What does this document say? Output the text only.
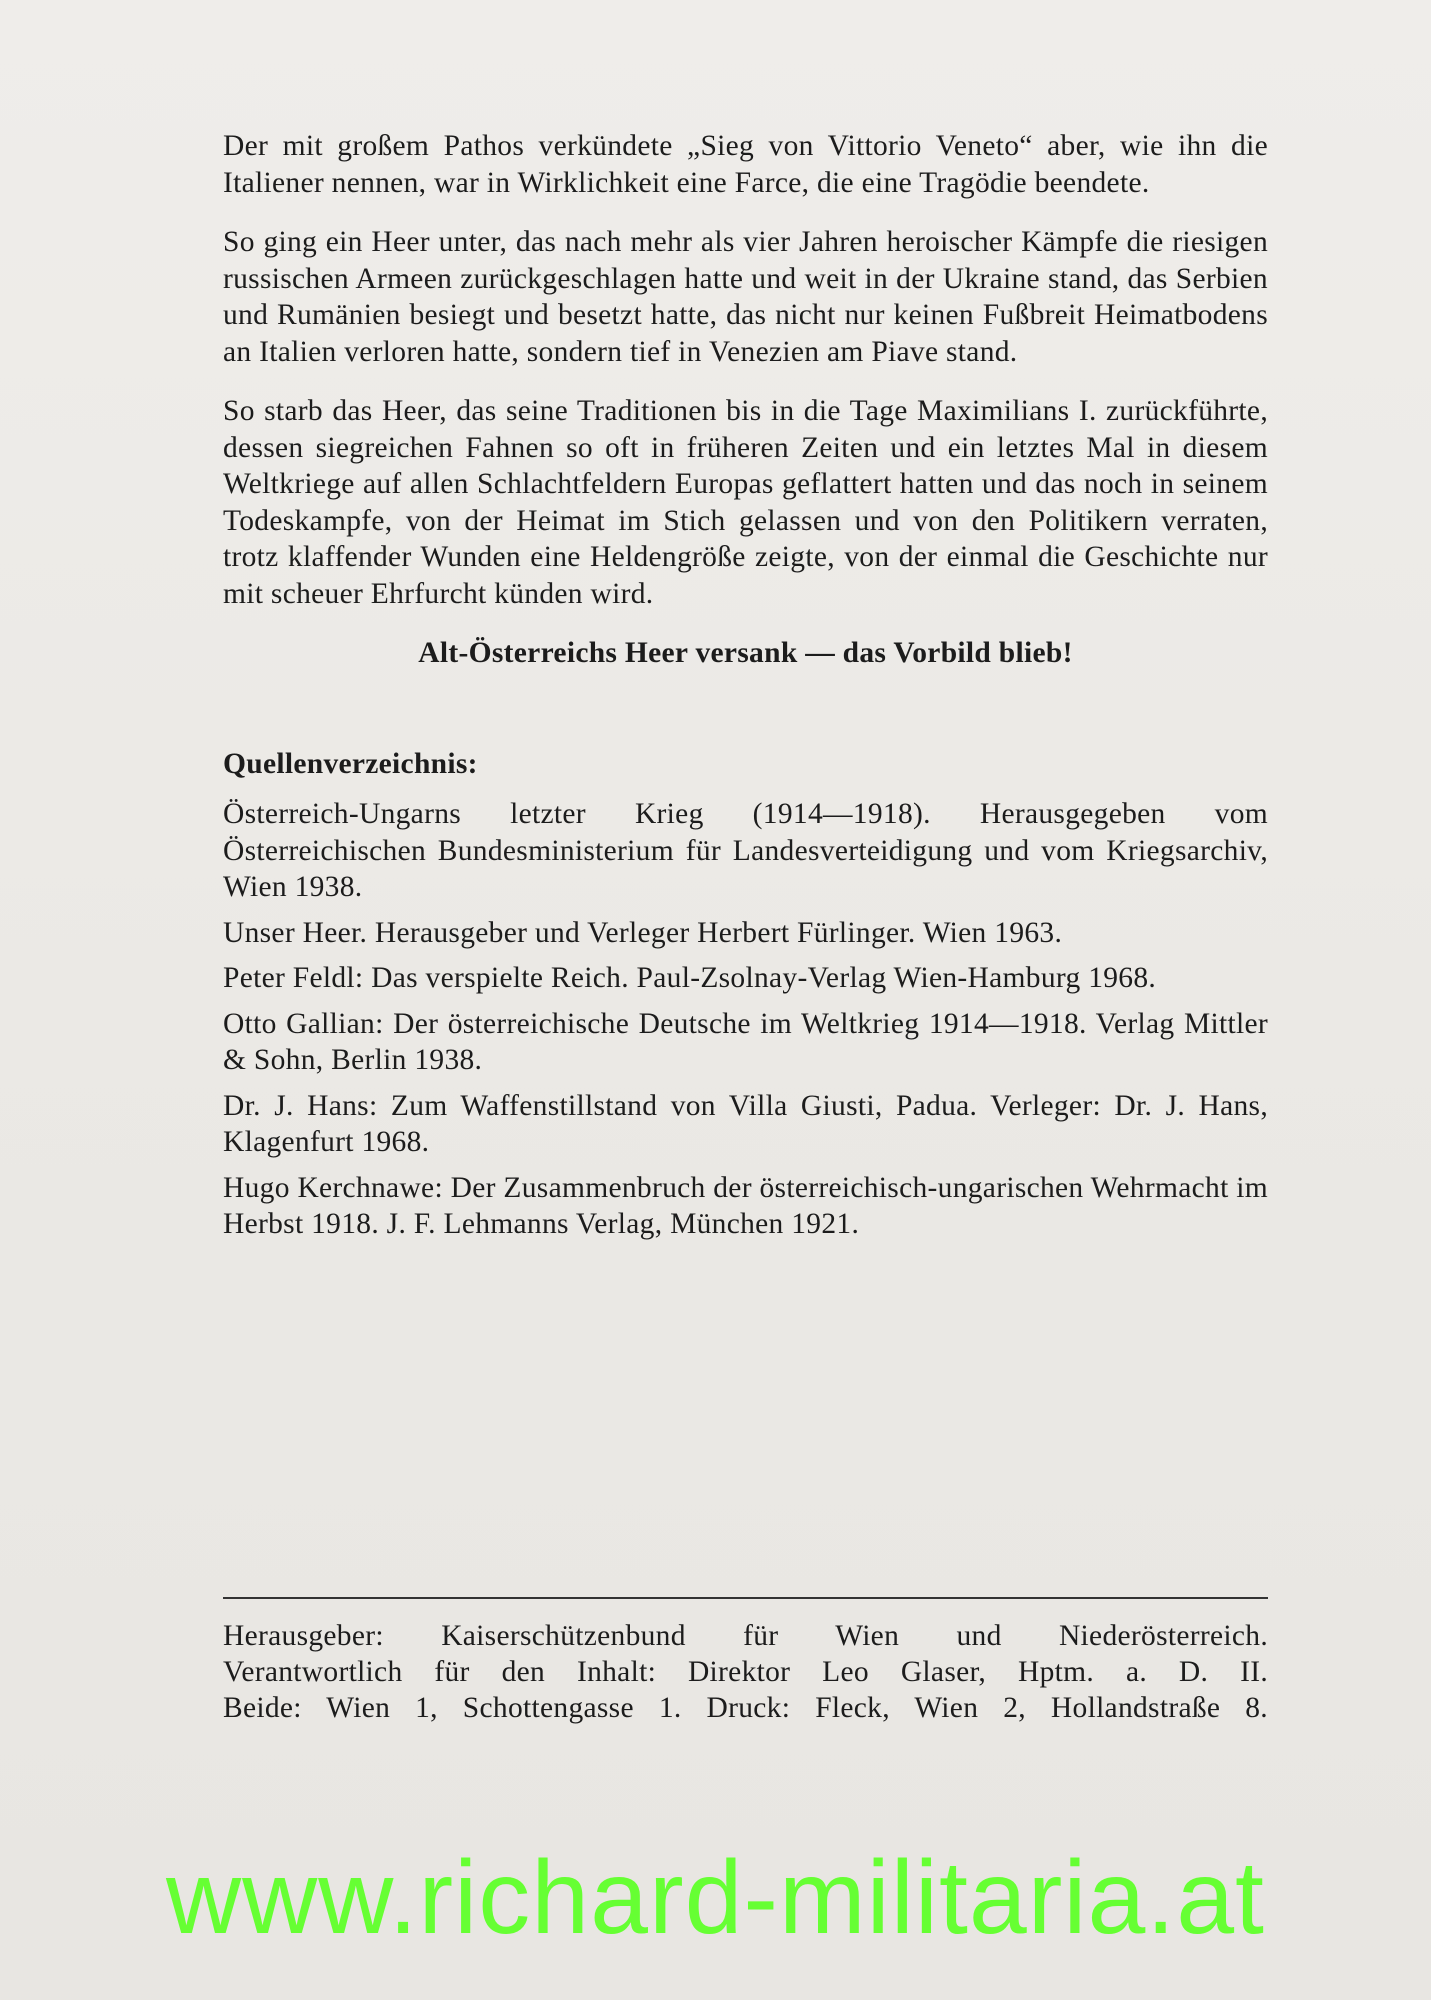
Der mit großem Pathos verkündete „Sieg von Vittorio Veneto“ aber, wie ihn die Italiener nennen, war in Wirklichkeit eine Farce, die eine Tragödie beendete.

So ging ein Heer unter, das nach mehr als vier Jahren heroischer Kämpfe die riesigen russischen Armeen zurückgeschlagen hatte und weit in der Ukraine stand, das Serbien und Rumänien besiegt und besetzt hatte, das nicht nur keinen Fußbreit Heimatbodens an Italien verloren hatte, sondern tief in Venezien am Piave stand.

So starb das Heer, das seine Traditionen bis in die Tage Maximilians I. zurückführte, dessen siegreichen Fahnen so oft in früheren Zeiten und ein letztes Mal in diesem Weltkriege auf allen Schlachtfeldern Europas geflattert hatten und das noch in seinem Todeskampfe, von der Heimat im Stich gelassen und von den Politikern verraten, trotz klaffender Wunden eine Heldengröße zeigte, von der einmal die Geschichte nur mit scheuer Ehrfurcht künden wird.

Alt-Österreichs Heer versank — das Vorbild blieb!

Quellenverzeichnis:

Österreich-Ungarns letzter Krieg (1914—1918). Herausgegeben vom Österreichischen Bundesministerium für Landesverteidigung und vom Kriegsarchiv, Wien 1938.

Unser Heer. Herausgeber und Verleger Herbert Fürlinger. Wien 1963.

Peter Feldl: Das verspielte Reich. Paul-Zsolnay-Verlag Wien-Hamburg 1968.

Otto Gallian: Der österreichische Deutsche im Weltkrieg 1914—1918. Verlag Mittler & Sohn, Berlin 1938.

Dr. J. Hans: Zum Waffenstillstand von Villa Giusti, Padua. Verleger: Dr. J. Hans, Klagenfurt 1968.

Hugo Kerchnawe: Der Zusammenbruch der österreichisch-ungarischen Wehrmacht im Herbst 1918. J. F. Lehmanns Verlag, München 1921.

Herausgeber: Kaiserschützenbund für Wien und Niederösterreich.
Verantwortlich für den Inhalt: Direktor Leo Glaser, Hptm. a. D. II.
Beide: Wien 1, Schottengasse 1. Druck: Fleck, Wien 2, Hollandstraße 8.
www.richard-militaria.at
